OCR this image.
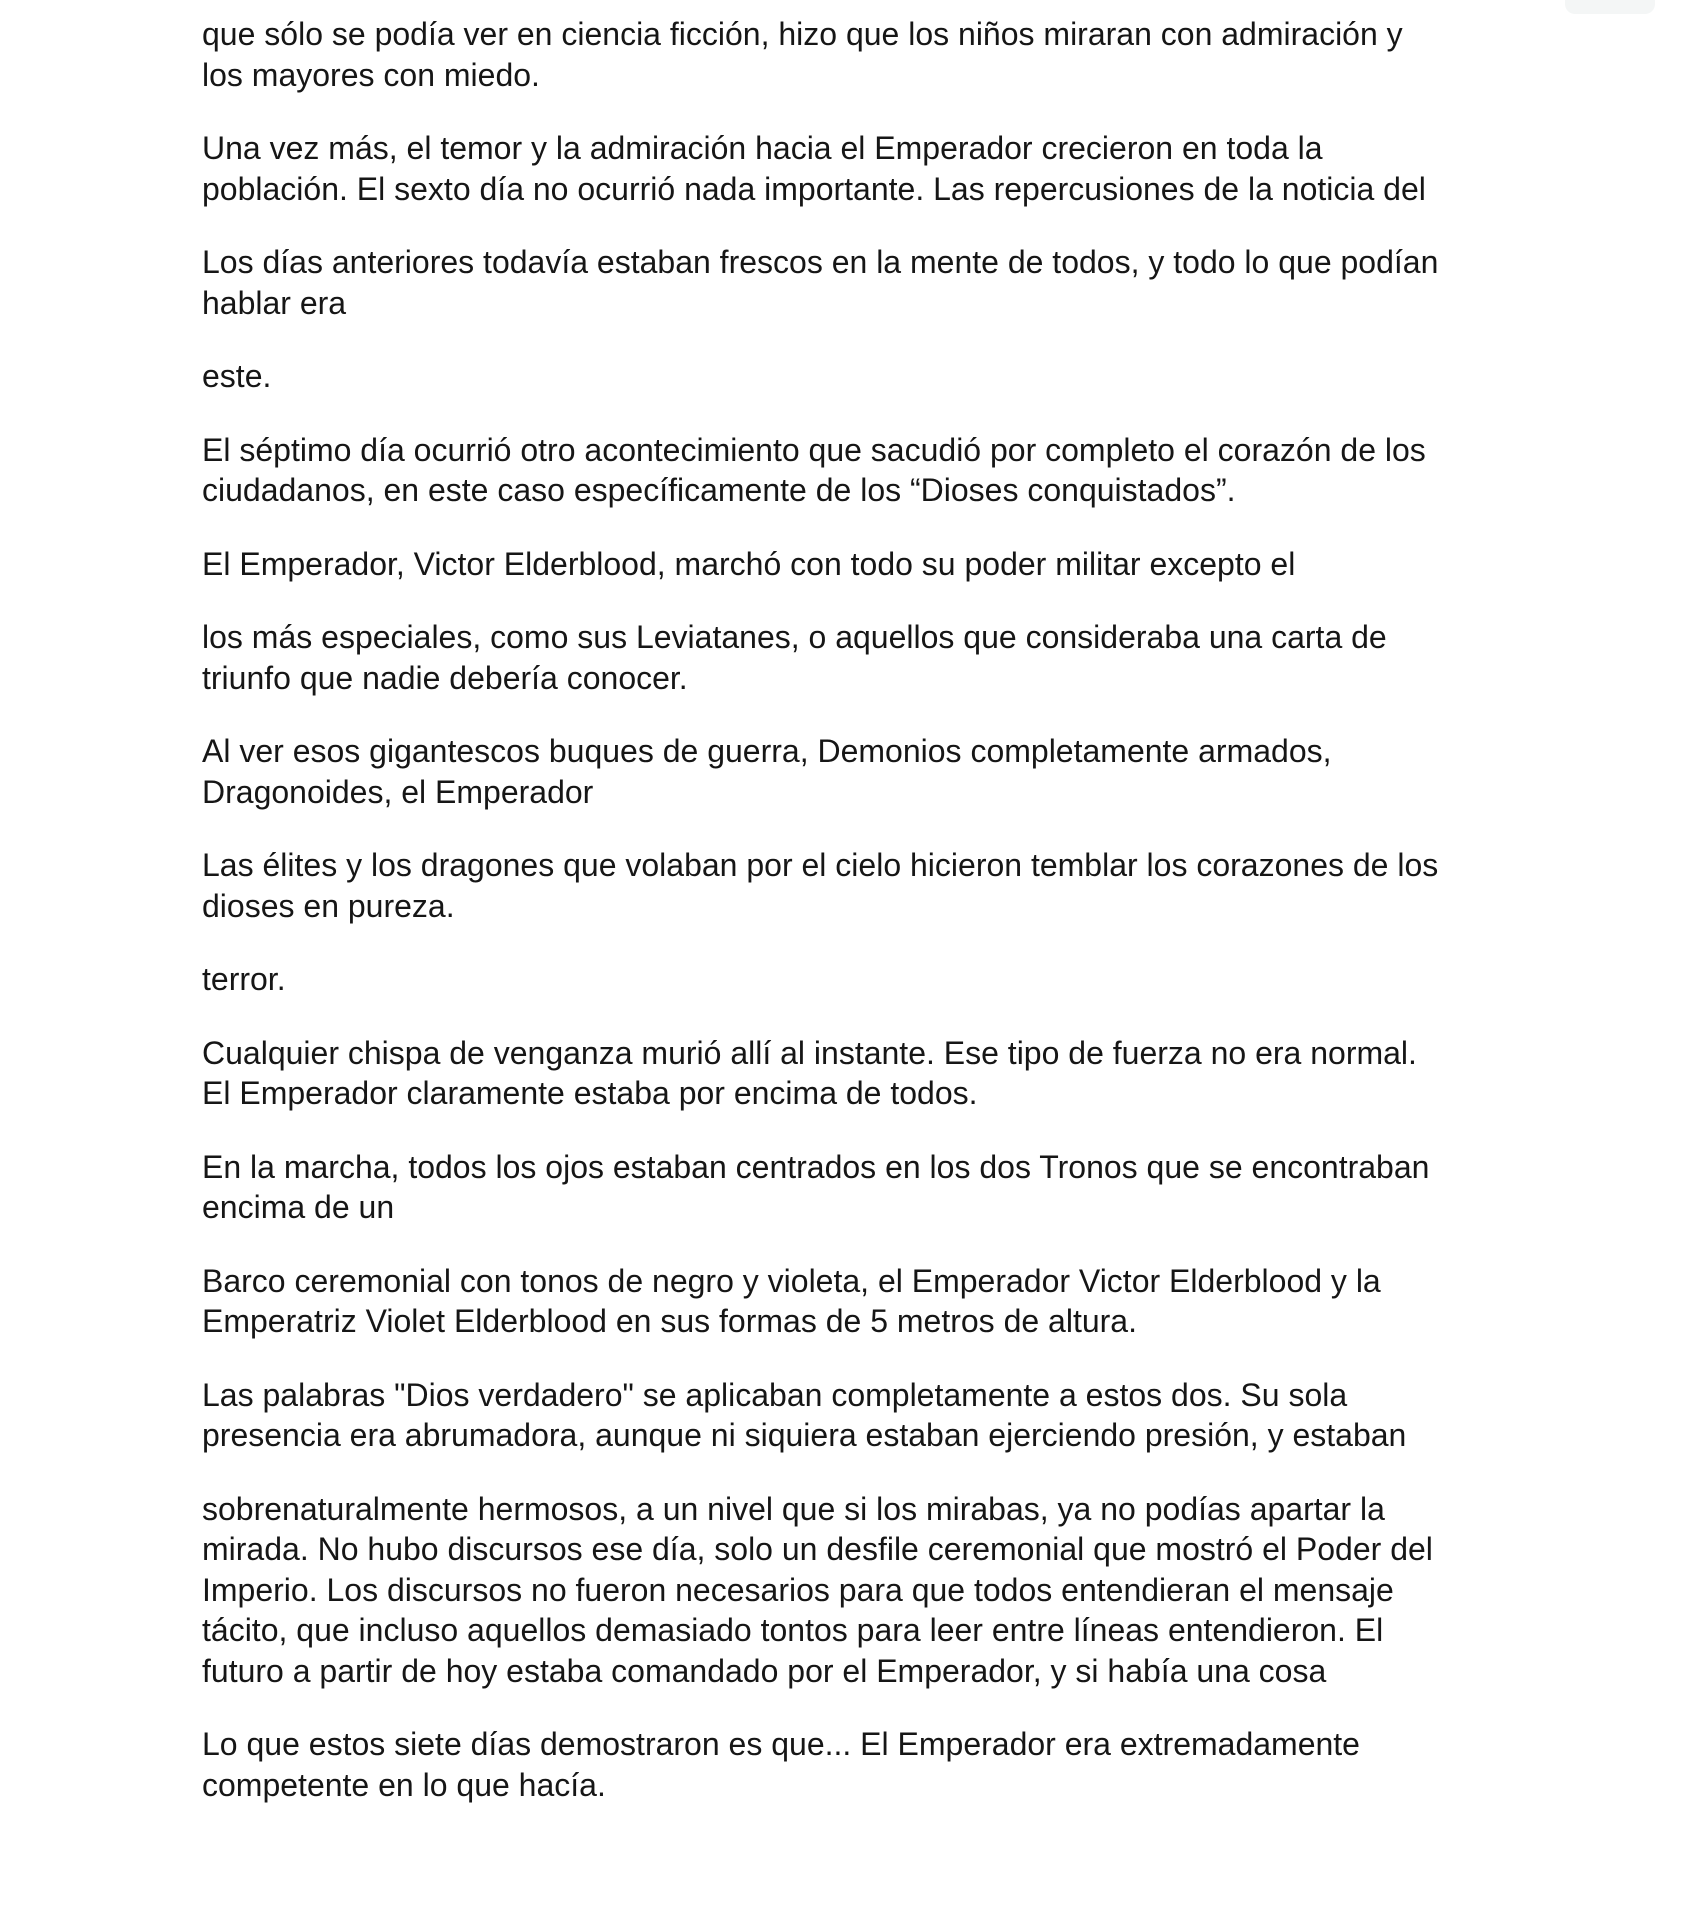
que sólo se podía ver en ciencia ficción, hizo que los niños miraran con admiración y
los mayores con miedo.

Una vez más, el temor y la admiración hacia el Emperador crecieron en toda la
población. El sexto día no ocurrió nada importante. Las repercusiones de la noticia del

Los días anteriores todavía estaban frescos en la mente de todos, y todo lo que podían
hablar era

este.

El séptimo día ocurrió otro acontecimiento que sacudió por completo el corazón de los
ciudadanos, en este caso específicamente de los “Dioses conquistados”.

El Emperador, Victor Elderblood, marchó con todo su poder militar excepto el

los más especiales, como sus Leviatanes, o aquellos que consideraba una carta de
triunfo que nadie debería conocer.

Al ver esos gigantescos buques de guerra, Demonios completamente armados,
Dragonoides, el Emperador

Las élites y los dragones que volaban por el cielo hicieron temblar los corazones de los
dioses en pureza.

terror.

Cualquier chispa de venganza murió allí al instante. Ese tipo de fuerza no era normal.
El Emperador claramente estaba por encima de todos.

En la marcha, todos los ojos estaban centrados en los dos Tronos que se encontraban
encima de un

Barco ceremonial con tonos de negro y violeta, el Emperador Victor Elderblood y la
Emperatriz Violet Elderblood en sus formas de 5 metros de altura.

Las palabras "Dios verdadero" se aplicaban completamente a estos dos. Su sola
presencia era abrumadora, aunque ni siquiera estaban ejerciendo presión, y estaban

sobrenaturalmente hermosos, a un nivel que si los mirabas, ya no podías apartar la
mirada. No hubo discursos ese día, solo un desfile ceremonial que mostró el Poder del
Imperio. Los discursos no fueron necesarios para que todos entendieran el mensaje
tácito, que incluso aquellos demasiado tontos para leer entre líneas entendieron. El
futuro a partir de hoy estaba comandado por el Emperador, y si había una cosa

Lo que estos siete días demostraron es que... El Emperador era extremadamente
competente en lo que hacía.
